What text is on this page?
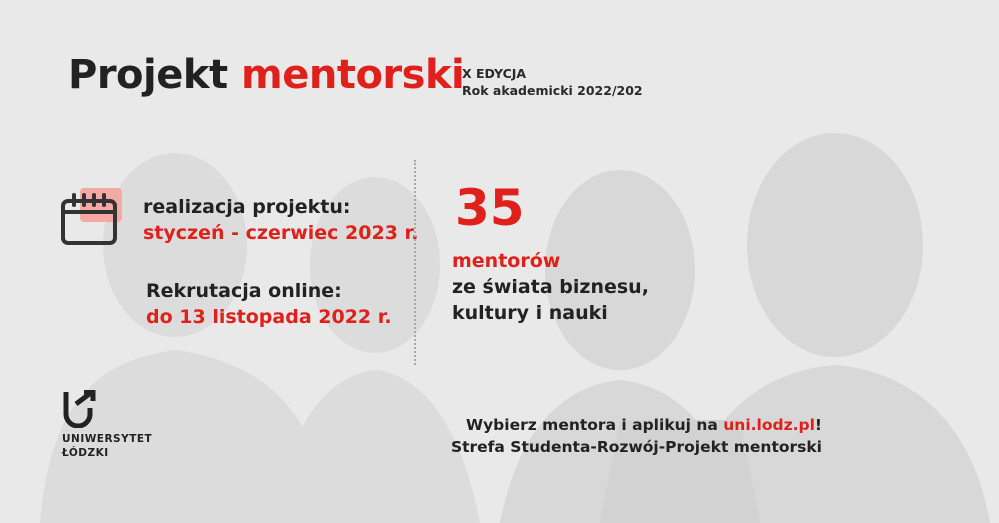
Projekt mentorski
X EDYCJA
Rok akademicki 2022/202
realizacja projektu:
styczeń - czerwiec 2023 r.
Rekrutacja online:
do 13 listopada 2022 r.
35
mentorów
ze świata biznesu,
kultury i nauki
Wybierz mentora i aplikuj na uni.lodz.pl!
Strefa Studenta-Rozwój-Projekt mentorski
UNIWERSYTET
ŁÓDZKI
